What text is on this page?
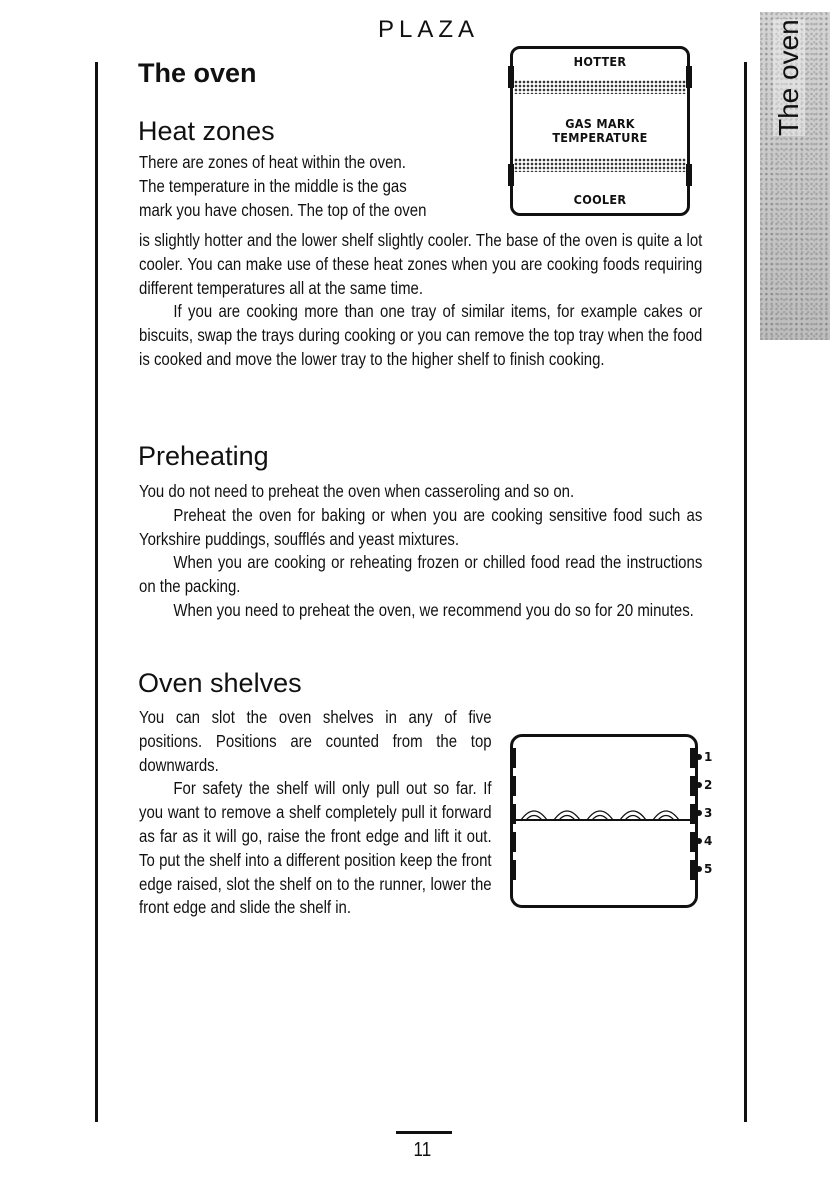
PLAZA	The oven
The oven
Heat zones

There are zones of heat within the oven.

The temperature in the middle is the gas

mark you have chosen. The top of the oven

HOTTER
GAS MARK
TEMPERATURE
COOLER

is slightly hotter and the lower shelf slightly cooler. The base of the oven is quite a lot cooler. You can make use of these heat zones when you are cooking foods requiring different temperatures all at the same time.

If you are cooking more than one tray of similar items, for example cakes or biscuits, swap the trays during cooking or you can remove the top tray when the food is cooked and move the lower tray to the higher shelf to finish cooking.

Preheating

You do not need to preheat the oven when casseroling and so on.

Preheat the oven for baking or when you are cooking sensitive food such as Yorkshire puddings, soufflés and yeast mixtures.

When you are cooking or reheating frozen or chilled food read the instructions on the packing.

When you need to preheat the oven, we recommend you do so for 20 minutes.

Oven shelves

You can slot the oven shelves in any of five positions. Positions are counted from the top downwards.

For safety the shelf will only pull out so far. If you want to remove a shelf completely pull it forward as far as it will go, raise the front edge and lift it out. To put the shelf into a different position keep the front edge raised, slot the shelf on to the runner, lower the front edge and slide the shelf in.

1
2
3
4
5
11
